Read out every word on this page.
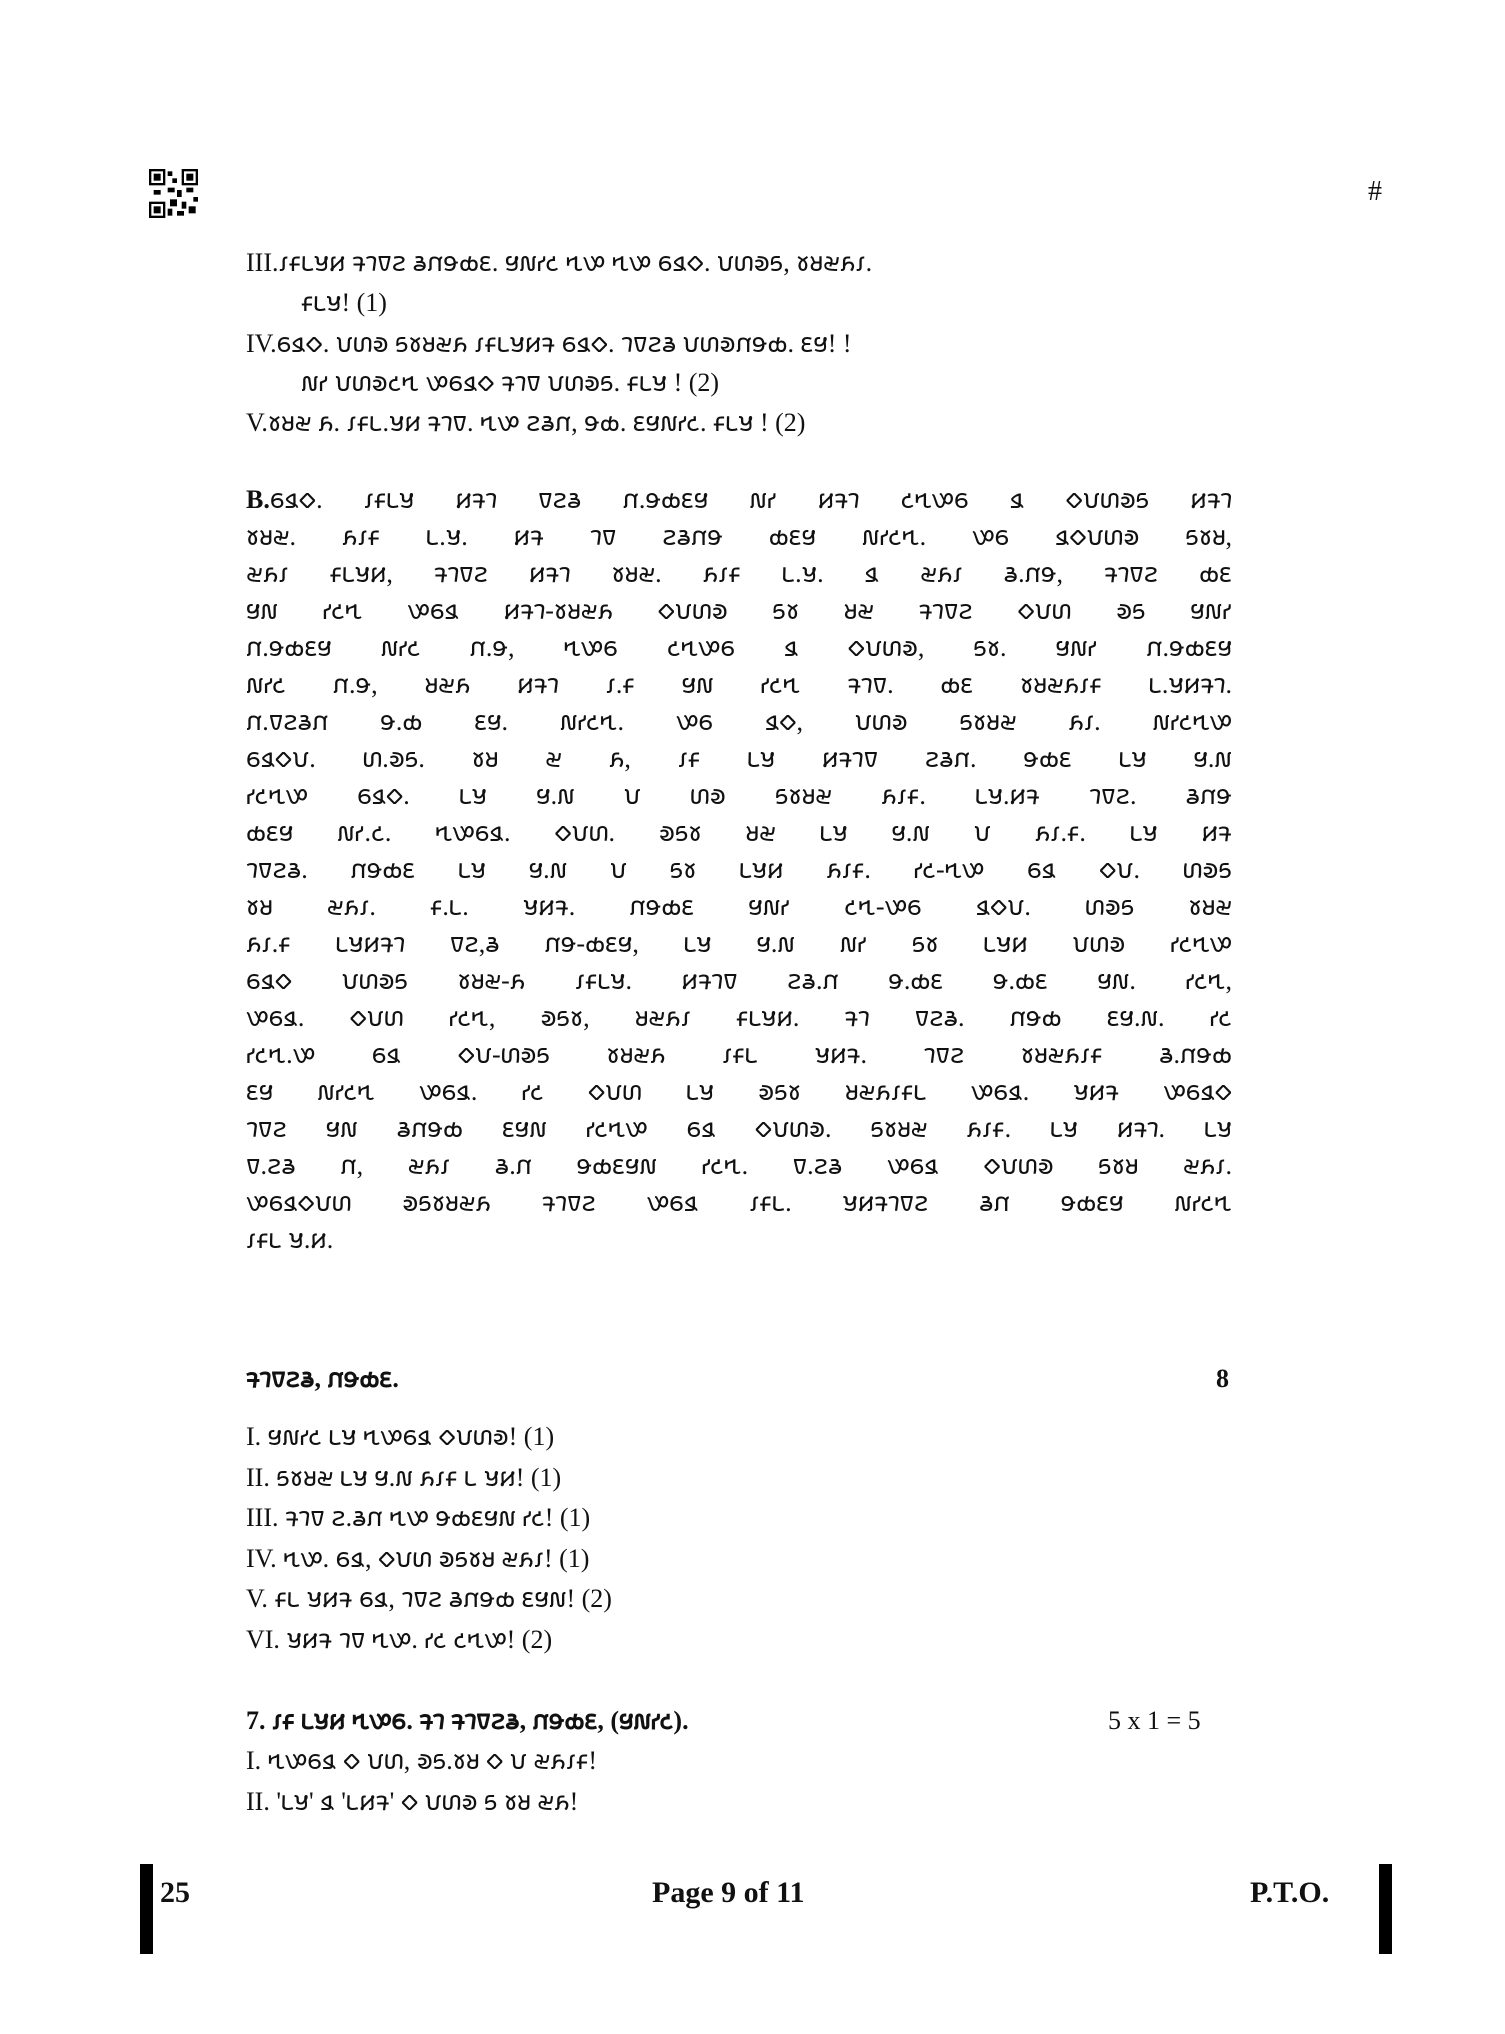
#
III.𑣁𑣂𑣃𑣄𑣅 𑣆𑣇𑣈𑣉 𑣊𑣋𑣌𑣍𑣎. 𑣏𑣐𑣑𑣒 𑣓𑣔 𑣓𑣔 𑣕𑣖𑣗. 𑣘𑣙𑣚𑣛, 𑣜𑣝𑣞𑣟𑣁.
𑣂𑣃𑣄! (1)
IV.𑣕𑣖𑣗. 𑣘𑣙𑣚 𑣛𑣜𑣝𑣞𑣟 𑣁𑣂𑣃𑣄𑣅𑣆 𑣕𑣖𑣗. 𑣇𑣈𑣉𑣊 𑣘𑣙𑣚𑣋𑣌𑣍. 𑣎𑣏! !
𑣐𑣑 𑣘𑣙𑣚𑣒𑣓 𑣔𑣕𑣖𑣗 𑣆𑣇𑣈 𑣘𑣙𑣚𑣛. 𑣂𑣃𑣄 ! (2)
V.𑣜𑣝𑣞 𑣟. 𑣁𑣂𑣃.𑣄𑣅 𑣆𑣇𑣈. 𑣓𑣔 𑣉𑣊𑣋, 𑣌𑣍. 𑣎𑣏𑣐𑣑𑣒. 𑣂𑣃𑣄 ! (2)
B.𑣕𑣖𑣗. 𑣁𑣂𑣃𑣄 𑣅𑣆𑣇 𑣈𑣉𑣊 𑣋.𑣌𑣍𑣎𑣏 𑣐𑣑 𑣅𑣆𑣇 𑣒𑣓𑣔𑣕 𑣖 𑣗𑣘𑣙𑣚𑣛 𑣅𑣆𑣇
𑣜𑣝𑣞. 𑣟𑣁𑣂 𑣃.𑣄. 𑣅𑣆 𑣇𑣈 𑣉𑣊𑣋𑣌 𑣍𑣎𑣏 𑣐𑣑𑣒𑣓. 𑣔𑣕 𑣖𑣗𑣘𑣙𑣚 𑣛𑣜𑣝,
𑣞𑣟𑣁 𑣂𑣃𑣄𑣅, 𑣆𑣇𑣈𑣉 𑣅𑣆𑣇 𑣜𑣝𑣞. 𑣟𑣁𑣂 𑣃.𑣄. 𑣖 𑣞𑣟𑣁 𑣊.𑣋𑣌, 𑣆𑣇𑣈𑣉 𑣍𑣎
𑣏𑣐 𑣑𑣒𑣓 𑣔𑣕𑣖 𑣅𑣆𑣇-𑣜𑣝𑣞𑣟 𑣗𑣘𑣙𑣚 𑣛𑣜 𑣝𑣞 𑣆𑣇𑣈𑣉 𑣗𑣘𑣙 𑣚𑣛 𑣏𑣐𑣑
𑣋.𑣌𑣍𑣎𑣏 𑣐𑣑𑣒 𑣋.𑣌, 𑣓𑣔𑣕 𑣒𑣓𑣔𑣕 𑣖 𑣗𑣘𑣙𑣚, 𑣛𑣜. 𑣏𑣐𑣑 𑣋.𑣌𑣍𑣎𑣏
𑣐𑣑𑣒 𑣋.𑣌, 𑣝𑣞𑣟 𑣅𑣆𑣇 𑣁.𑣂 𑣏𑣐 𑣑𑣒𑣓 𑣆𑣇𑣈. 𑣍𑣎 𑣜𑣝𑣞𑣟𑣁𑣂 𑣃.𑣄𑣅𑣆𑣇.
𑣋.𑣈𑣉𑣊𑣋 𑣌.𑣍 𑣎𑣏. 𑣐𑣑𑣒𑣓. 𑣔𑣕 𑣖𑣗, 𑣘𑣙𑣚 𑣛𑣜𑣝𑣞 𑣟𑣁. 𑣐𑣑𑣒𑣓𑣔
𑣕𑣖𑣗𑣘. 𑣙.𑣚𑣛. 𑣜𑣝 𑣞 𑣟, 𑣁𑣂 𑣃𑣄 𑣅𑣆𑣇𑣈 𑣉𑣊𑣋. 𑣌𑣍𑣎 𑣃𑣄 𑣏.𑣐
𑣑𑣒𑣓𑣔 𑣕𑣖𑣗. 𑣃𑣄 𑣏.𑣐 𑣘 𑣙𑣚 𑣛𑣜𑣝𑣞 𑣟𑣁𑣂. 𑣃𑣄.𑣅𑣆 𑣇𑣈𑣉. 𑣊𑣋𑣌
𑣍𑣎𑣏 𑣐𑣑.𑣒. 𑣓𑣔𑣕𑣖. 𑣗𑣘𑣙. 𑣚𑣛𑣜 𑣝𑣞 𑣃𑣄 𑣏.𑣐 𑣘 𑣟𑣁.𑣂. 𑣃𑣄 𑣅𑣆
𑣇𑣈𑣉𑣊. 𑣋𑣌𑣍𑣎 𑣃𑣄 𑣏.𑣐 𑣘 𑣛𑣜 𑣃𑣄𑣅 𑣟𑣁𑣂. 𑣑𑣒-𑣓𑣔 𑣕𑣖 𑣗𑣘. 𑣙𑣚𑣛
𑣜𑣝 𑣞𑣟𑣁. 𑣂.𑣃. 𑣄𑣅𑣆. 𑣋𑣌𑣍𑣎 𑣏𑣐𑣑 𑣒𑣓-𑣔𑣕 𑣖𑣗𑣘. 𑣙𑣚𑣛 𑣜𑣝𑣞
𑣟𑣁.𑣂 𑣃𑣄𑣅𑣆𑣇 𑣈𑣉,𑣊 𑣋𑣌-𑣍𑣎𑣏, 𑣃𑣄 𑣏.𑣐 𑣐𑣑 𑣛𑣜 𑣃𑣄𑣅 𑣘𑣙𑣚 𑣑𑣒𑣓𑣔
𑣕𑣖𑣗 𑣘𑣙𑣚𑣛 𑣜𑣝𑣞-𑣟 𑣁𑣂𑣃𑣄. 𑣅𑣆𑣇𑣈 𑣉𑣊.𑣋 𑣌.𑣍𑣎 𑣌.𑣍𑣎 𑣏𑣐. 𑣑𑣒𑣓,
𑣔𑣕𑣖. 𑣗𑣘𑣙 𑣑𑣒𑣓, 𑣚𑣛𑣜, 𑣝𑣞𑣟𑣁 𑣂𑣃𑣄𑣅. 𑣆𑣇 𑣈𑣉𑣊. 𑣋𑣌𑣍 𑣎𑣏.𑣐. 𑣑𑣒
𑣑𑣒𑣓.𑣔 𑣕𑣖 𑣗𑣘-𑣙𑣚𑣛 𑣜𑣝𑣞𑣟 𑣁𑣂𑣃 𑣄𑣅𑣆. 𑣇𑣈𑣉 𑣜𑣝𑣞𑣟𑣁𑣂 𑣊.𑣋𑣌𑣍
𑣎𑣏 𑣐𑣑𑣒𑣓 𑣔𑣕𑣖. 𑣑𑣒 𑣗𑣘𑣙 𑣃𑣄 𑣚𑣛𑣜 𑣝𑣞𑣟𑣁𑣂𑣃 𑣔𑣕𑣖. 𑣄𑣅𑣆 𑣔𑣕𑣖𑣗
𑣇𑣈𑣉 𑣏𑣐 𑣊𑣋𑣌𑣍 𑣎𑣏𑣐 𑣑𑣒𑣓𑣔 𑣕𑣖 𑣗𑣘𑣙𑣚. 𑣛𑣜𑣝𑣞 𑣟𑣁𑣂. 𑣃𑣄 𑣅𑣆𑣇. 𑣃𑣄
𑣈.𑣉𑣊 𑣋, 𑣞𑣟𑣁 𑣊.𑣋 𑣌𑣍𑣎𑣏𑣐 𑣑𑣒𑣓. 𑣈.𑣉𑣊 𑣔𑣕𑣖 𑣗𑣘𑣙𑣚 𑣛𑣜𑣝 𑣞𑣟𑣁.
𑣔𑣕𑣖𑣗𑣘𑣙 𑣚𑣛𑣜𑣝𑣞𑣟 𑣆𑣇𑣈𑣉 𑣔𑣕𑣖 𑣁𑣂𑣃. 𑣄𑣅𑣆𑣇𑣈𑣉 𑣊𑣋 𑣌𑣍𑣎𑣏 𑣐𑣑𑣒𑣓
𑣁𑣂𑣃 𑣄.𑣅.
𑣆𑣇𑣈𑣉𑣊, 𑣋𑣌𑣍𑣎.	8
I. 𑣏𑣐𑣑𑣒 𑣃𑣄 𑣓𑣔𑣕𑣖 𑣗𑣘𑣙𑣚! (1)
II. 𑣛𑣜𑣝𑣞 𑣃𑣄 𑣏.𑣐 𑣟𑣁𑣂 𑣃 𑣄𑣅! (1)
III. 𑣆𑣇𑣈 𑣉.𑣊𑣋 𑣓𑣔 𑣌𑣍𑣎𑣏𑣐 𑣑𑣒! (1)
IV. 𑣓𑣔. 𑣕𑣖, 𑣗𑣘𑣙 𑣚𑣛𑣜𑣝 𑣞𑣟𑣁! (1)
V. 𑣂𑣃 𑣄𑣅𑣆 𑣕𑣖, 𑣇𑣈𑣉 𑣊𑣋𑣌𑣍 𑣎𑣏𑣐! (2)
VI. 𑣄𑣅𑣆 𑣇𑣈 𑣓𑣔. 𑣑𑣒 𑣒𑣓𑣔! (2)
7. 𑣁𑣂 𑣃𑣄𑣅 𑣓𑣔𑣕. 𑣆𑣇 𑣆𑣇𑣈𑣉𑣊, 𑣋𑣌𑣍𑣎, (𑣏𑣐𑣑𑣒).	5 x 1 = 5
I. 𑣓𑣔𑣕𑣖 𑣗 𑣘𑣙, 𑣚𑣛.𑣜𑣝 𑣗 𑣘 𑣞𑣟𑣁𑣂!
II. '𑣃𑣄' 𑣖 '𑣃𑣅𑣆' 𑣗 𑣘𑣙𑣚 𑣛 𑣜𑣝 𑣞𑣟!
25	Page 9 of 11	P.T.O.
